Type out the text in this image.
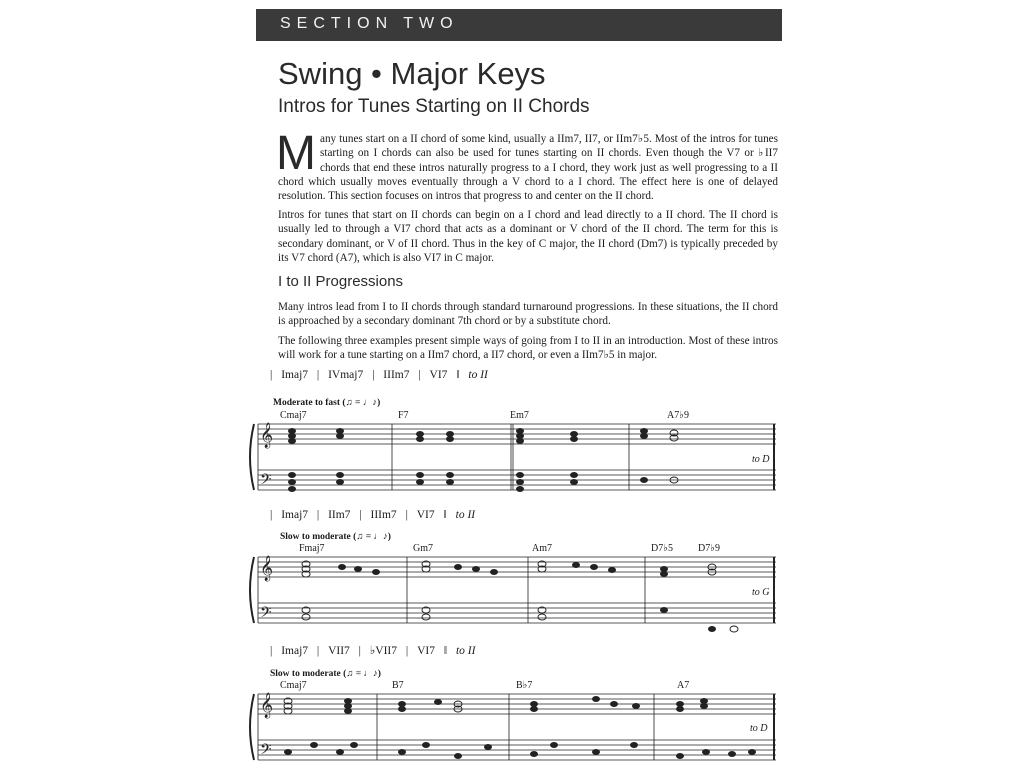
SECTION TWO
Swing • Major Keys
Intros for Tunes Starting on II Chords

Many tunes start on a II chord of some kind, usually a IIm7, II7, or IIm7♭5. Most of the intros for tunes starting on I chords can also be used for tunes starting on II chords. Even though the V7 or ♭II7 chords that end these intros naturally progress to a I chord, they work just as well progressing to a II chord which usually moves eventually through a V chord to a I chord. The effect here is one of delayed resolution. This section focuses on intros that progress to and center on the II chord.

Intros for tunes that start on II chords can begin on a I chord and lead directly to a II chord. The II chord is usually led to through a VI7 chord that acts as a dominant or V chord of the II chord. The term for this is secondary dominant, or V of II chord. Thus in the key of C major, the II chord (Dm7) is typically preceded by its V7 chord (A7), which is also VI7 in C major.

I to II Progressions

Many intros lead from I to II chords through standard turnaround progressions. In these situations, the II chord is approached by a secondary dominant 7th chord or by a substitute chord.

The following three examples present simple ways of going from I to II in an introduction. Most of these intros will work for a tune starting on a IIm7 chord, a II7 chord, or even a IIm7♭5 in major.

| Imaj7 | IVmaj7 | IIIm7 | VI7 ‖ to II
Moderate to fast (♫ = ♩♪)
Cmaj7	F7	Em7	A7♭9
to D
𝄞
𝄢
| Imaj7 | IIm7 | IIIm7 | VI7 ‖ to II
Slow to moderate (♫ = ♩♪)
Fmaj7	Gm7	Am7	D7♭5	D7♭9
to G
𝄞
𝄢
| Imaj7 | VII7 | ♭VII7 | VI7 ‖ to II
Slow to moderate (♫ = ♩♪)
Cmaj7	B7	B♭7	A7
to D
𝄞
𝄢
